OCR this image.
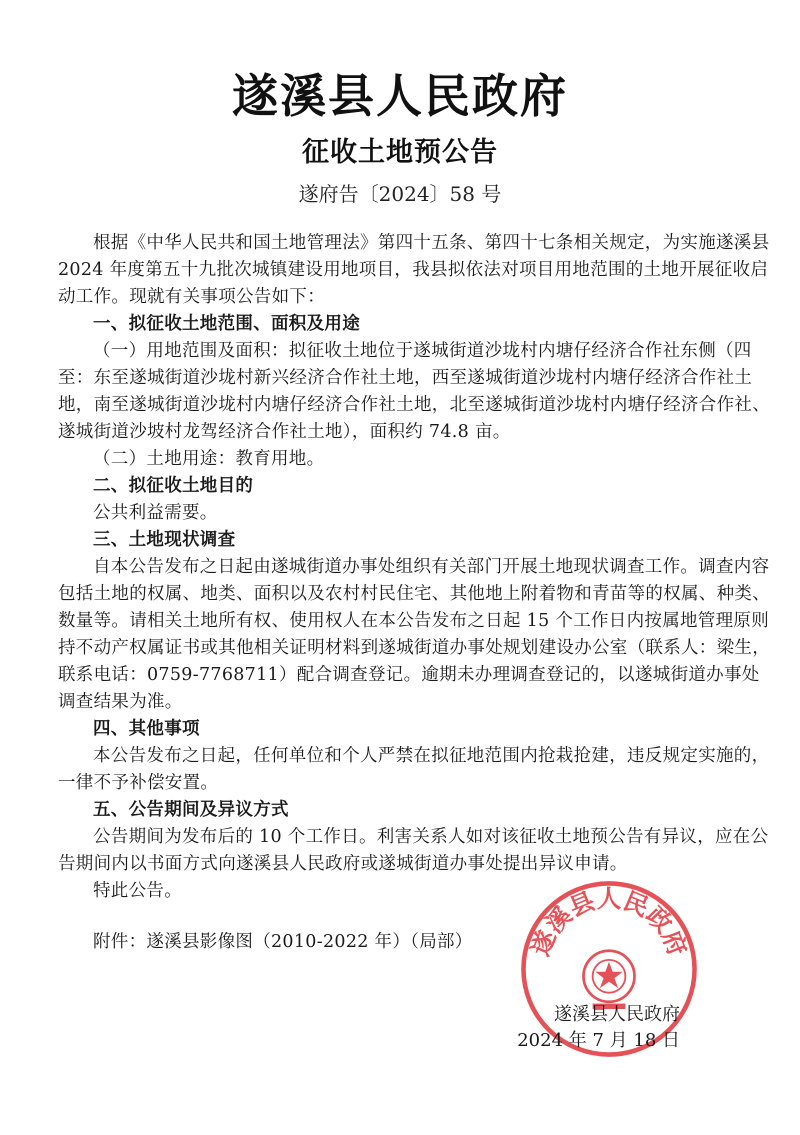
遂溪县人民政府
征收土地预公告
遂府告〔2024〕58 号

根据《中华人民共和国土地管理法》第四十五条、第四十七条相关规定，为实施遂溪县 2024 年度第五十九批次城镇建设用地项目，我县拟依法对项目用地范围的土地开展征收启动工作。现就有关事项公告如下：

一、拟征收土地范围、面积及用途

（一）用地范围及面积：拟征收土地位于遂城街道沙垅村内塘仔经济合作社东侧（四至：东至遂城街道沙垅村新兴经济合作社土地，西至遂城街道沙垅村内塘仔经济合作社土地，南至遂城街道沙垅村内塘仔经济合作社土地，北至遂城街道沙垅村内塘仔经济合作社、遂城街道沙坡村龙驾经济合作社土地），面积约 74.8 亩。

（二）土地用途：教育用地。

二、拟征收土地目的

公共利益需要。

三、土地现状调查

自本公告发布之日起由遂城街道办事处组织有关部门开展土地现状调查工作。调查内容包括土地的权属、地类、面积以及农村村民住宅、其他地上附着物和青苗等的权属、种类、数量等。请相关土地所有权、使用权人在本公告发布之日起 15 个工作日内按属地管理原则持不动产权属证书或其他相关证明材料到遂城街道办事处规划建设办公室（联系人：梁生，联系电话：0759-7768711）配合调查登记。逾期未办理调查登记的，以遂城街道办事处调查结果为准。

四、其他事项

本公告发布之日起，任何单位和个人严禁在拟征地范围内抢栽抢建，违反规定实施的，一律不予补偿安置。

五、公告期间及异议方式

公告期间为发布后的 10 个工作日。利害关系人如对该征收土地预公告有异议，应在公告期间内以书面方式向遂溪县人民政府或遂城街道办事处提出异议申请。

特此公告。

附件：遂溪县影像图（2010-2022 年）（局部）	遂溪县人民政府
遂溪县人民政府
2024 年 7 月 18 日
